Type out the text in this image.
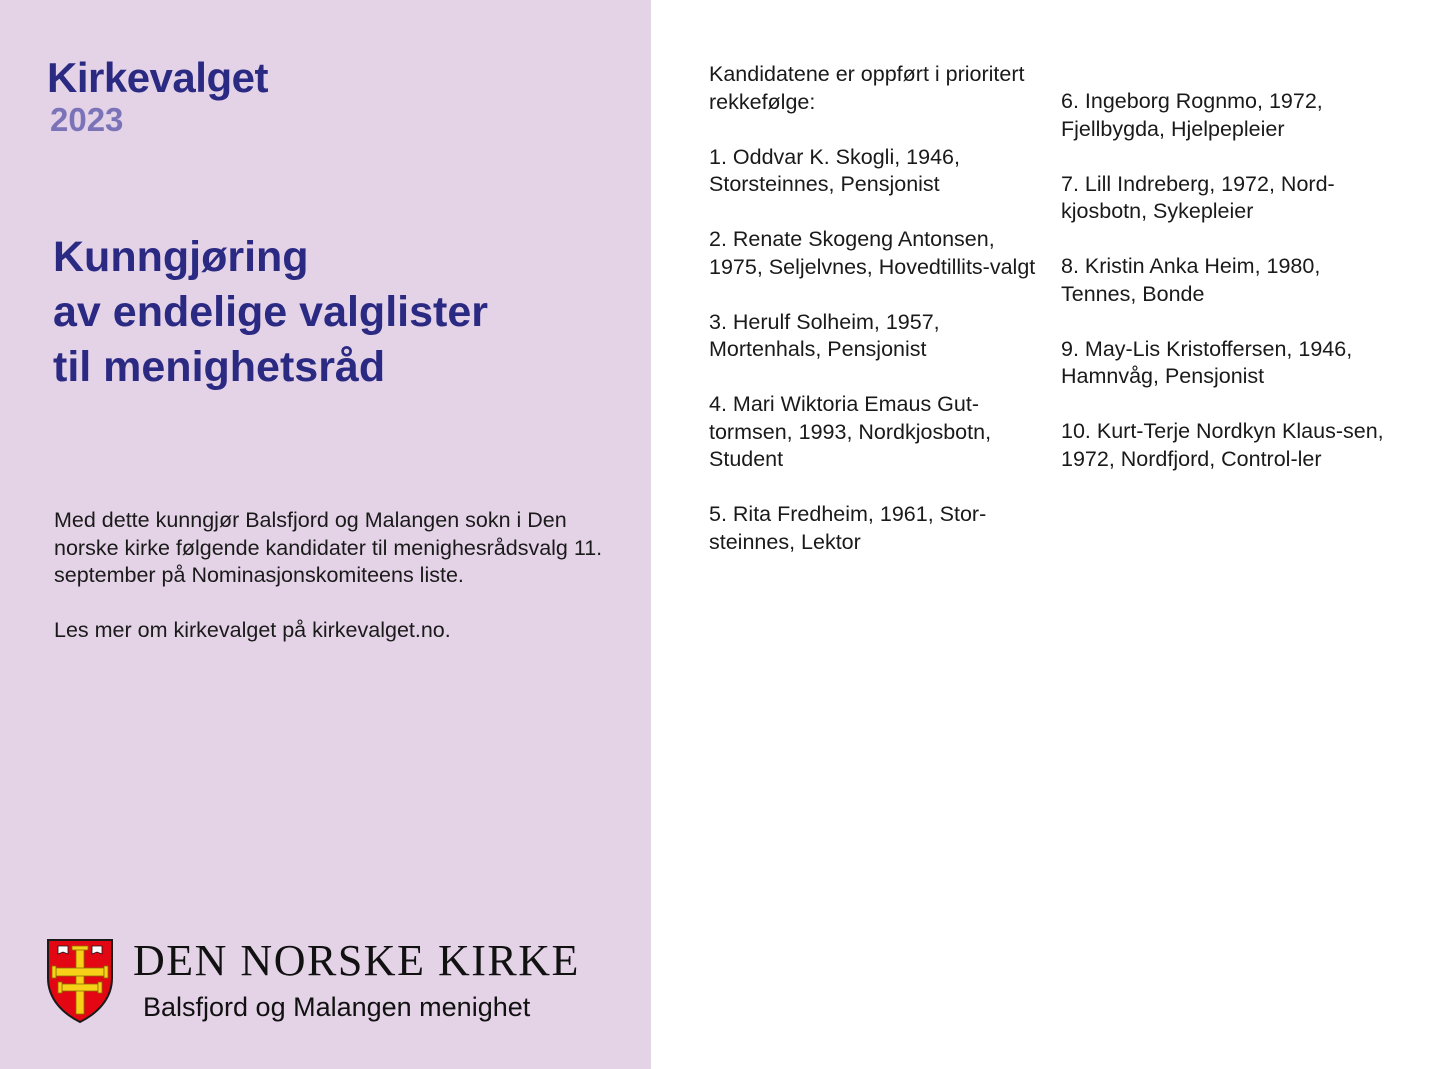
Kirkevalget
2023
Kunngjøring
av endelige valglister
til menighetsråd

Med dette kunngjør Balsfjord og Malangen sokn i Den norske kirke følgende kandidater til menighesrådsvalg 11. september på Nominasjonskomiteens liste.

Les mer om kirkevalget på kirkevalget.no.

DEN NORSKE KIRKE
Balsfjord og Malangen menighet

Kandidatene er oppført i prioritert rekkefølge:

1. Oddvar K. Skogli, 1946, Storsteinnes, Pensjonist

2. Renate Skogeng Antonsen, 1975, Seljelvnes, Hovedtillits-valgt

3. Herulf Solheim, 1957, Mortenhals, Pensjonist

4. Mari Wiktoria Emaus Gut-tormsen, 1993, Nordkjosbotn, Student

5. Rita Fredheim, 1961, Stor-steinnes, Lektor

6. Ingeborg Rognmo, 1972, Fjellbygda, Hjelpepleier

7. Lill Indreberg, 1972, Nord-kjosbotn, Sykepleier

8. Kristin Anka Heim, 1980, Tennes, Bonde

9. May-Lis Kristoffersen, 1946, Hamnvåg, Pensjonist

10. Kurt-Terje Nordkyn Klaus-sen, 1972, Nordfjord, Control-ler
